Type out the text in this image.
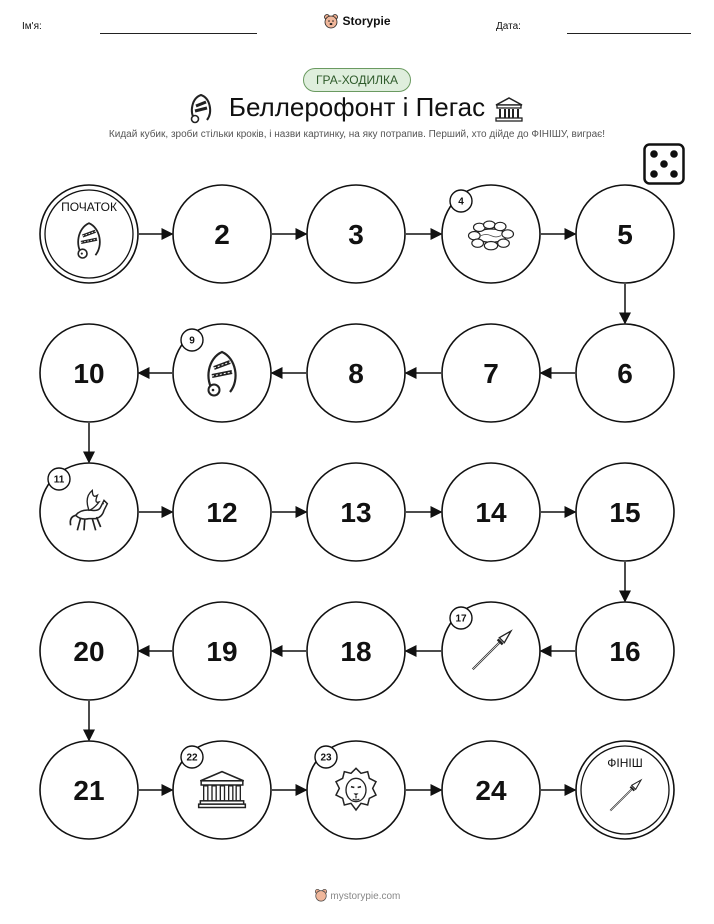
Ім'я:	Storypie	Дата:
ГРА-ХОДИЛКА
Беллерофонт і Пегас
Кидай кубик, зроби стільки кроків, і назви картинку, на яку потрапив. Перший, хто дійде до ФІНІШУ, виграє!
ПОЧАТОК
2	3
4
5
6
7
8
9
10
11
12	13	14	15
16
17
18
19
20
21
22	23
24
ФІНІШ
mystorypie.com
